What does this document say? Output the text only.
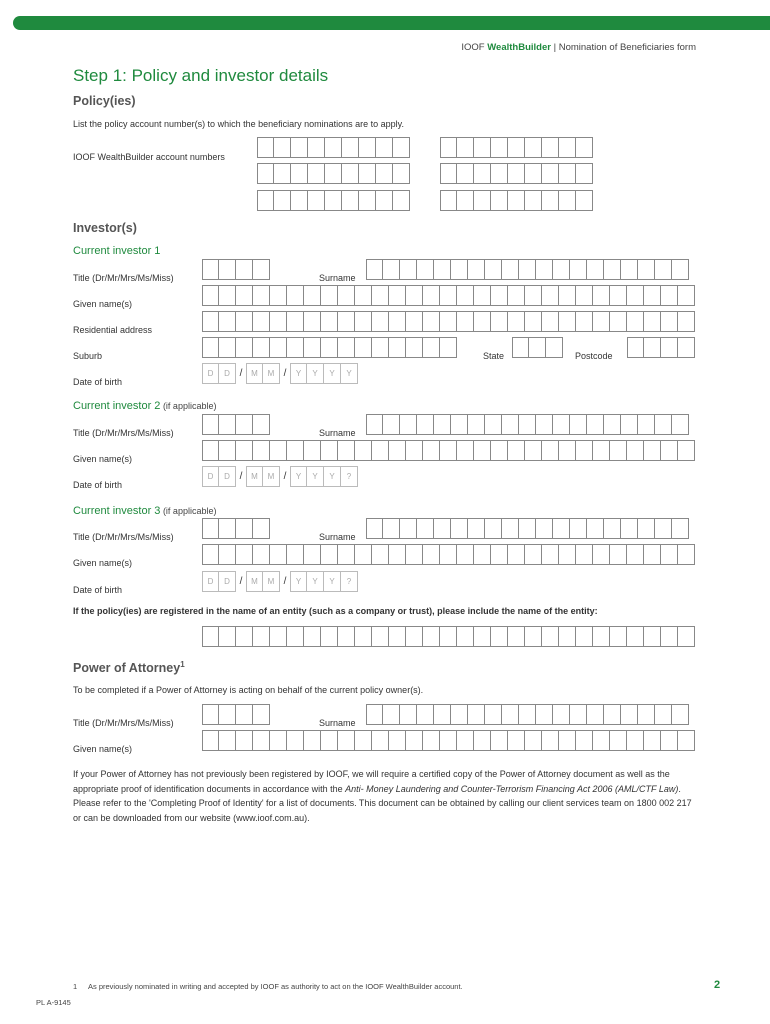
IOOF WealthBuilder | Nomination of Beneficiaries form
Step 1: Policy and investor details
Policy(ies)
List the policy account number(s) to which the beneficiary nominations are to apply.
IOOF WealthBuilder account numbers
Investor(s)
Current investor 1
Title (Dr/Mr/Mrs/Ms/Miss)	Surname
Given name(s)
Residential address
Suburb	State	Postcode
Date of birth
D	D /	M	M /	Y	Y	Y	Y
Current investor 2 (if applicable)
Title (Dr/Mr/Mrs/Ms/Miss)	Surname
Given name(s)
Date of birth
D	D /	M	M /	Y	Y	Y	?
Current investor 3 (if applicable)
Title (Dr/Mr/Mrs/Ms/Miss)	Surname
Given name(s)
Date of birth
D	D /	M	M /	Y	Y	Y	?
If the policy(ies) are registered in the name of an entity (such as a company or trust), please include the name of the entity:
Power of Attorney$^1$
To be completed if a Power of Attorney is acting on behalf of the current policy owner(s).
Title (Dr/Mr/Mrs/Ms/Miss)	Surname
Given name(s)
If your Power of Attorney has not previously been registered by IOOF, we will require a certified copy of the Power of Attorney document as well as the appropriate proof of identification documents in accordance with the Anti- Money Laundering and Counter-Terrorism Financing Act 2006 (AML/CTF Law). Please refer to the 'Completing Proof of Identity' for a list of documents. This document can be obtained by calling our client services team on 1800 002 217 or can be downloaded from our website (www.ioof.com.au).
1 As previously nominated in writing and accepted by IOOF as authority to act on the IOOF WealthBuilder account.	2
PL A-9145
